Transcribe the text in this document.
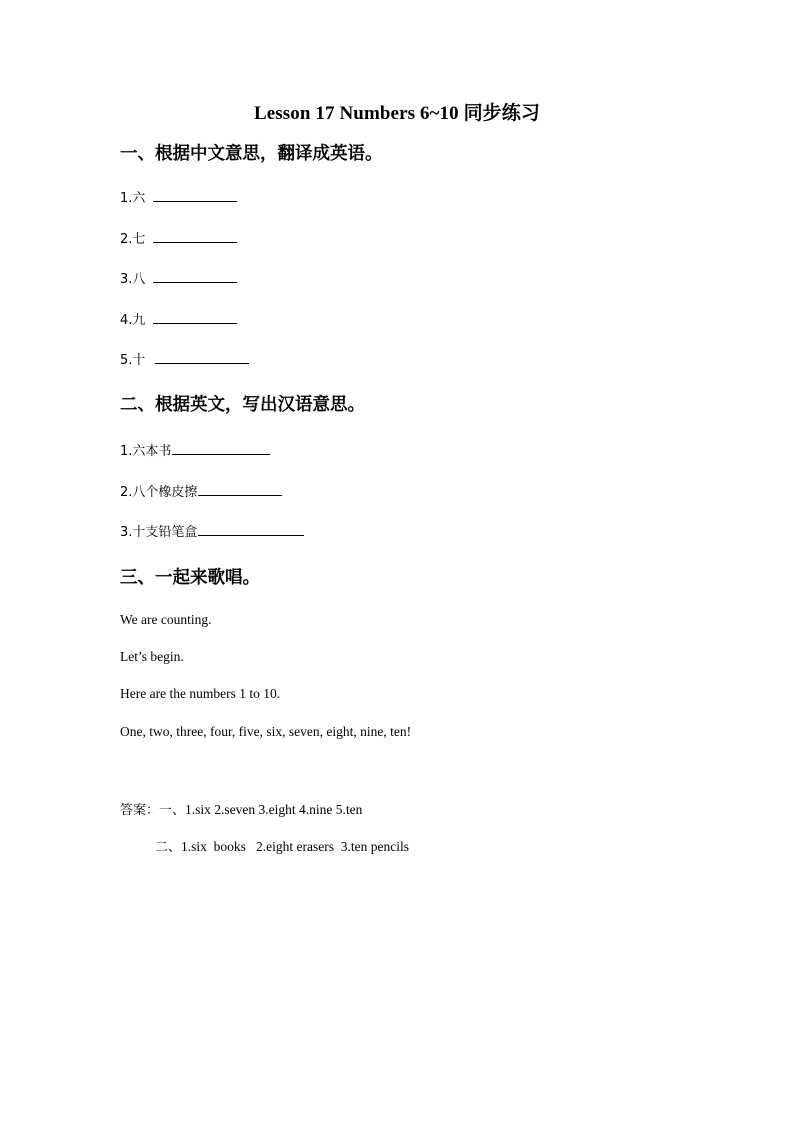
Lesson 17 Numbers 6~10 同步练习
一、根据中文意思，翻译成英语。
1.六
2.七
3.八
4.九
5.十
二、根据英文，写出汉语意思。
1.六本书
2.八个橡皮擦
3.十支铅笔盒
三、一起来歌唱。
We are counting.
Let’s begin.
Here are the numbers 1 to 10.
One, two, three, four, five, six, seven, eight, nine, ten!
答案：一、1.six 2.seven 3.eight 4.nine 5.ten
二、1.six  books   2.eight erasers  3.ten pencils
